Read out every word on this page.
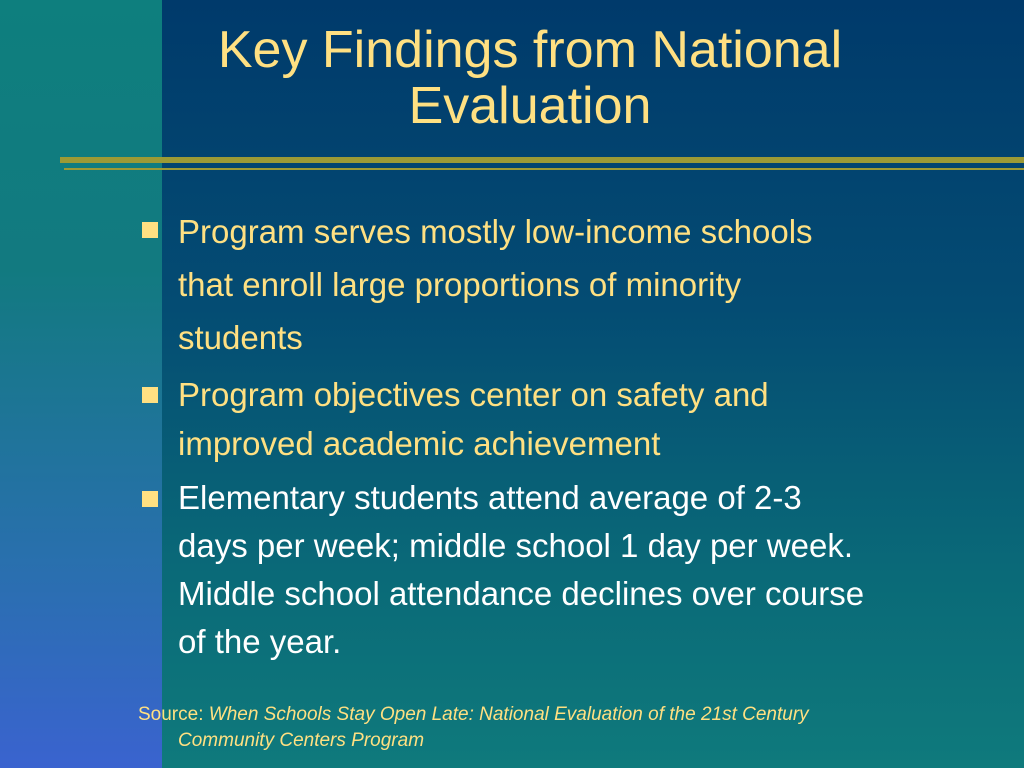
Key Findings from National
Evaluation
Program serves mostly low-income schools
that enroll large proportions of minority
students
Program objectives center on safety and
improved academic achievement
Elementary students attend average of 2-3
days per week; middle school 1 day per week.
Middle school attendance declines over course
of the year.
Source: When Schools Stay Open Late: National Evaluation of the 21st Century
Community Centers Program
